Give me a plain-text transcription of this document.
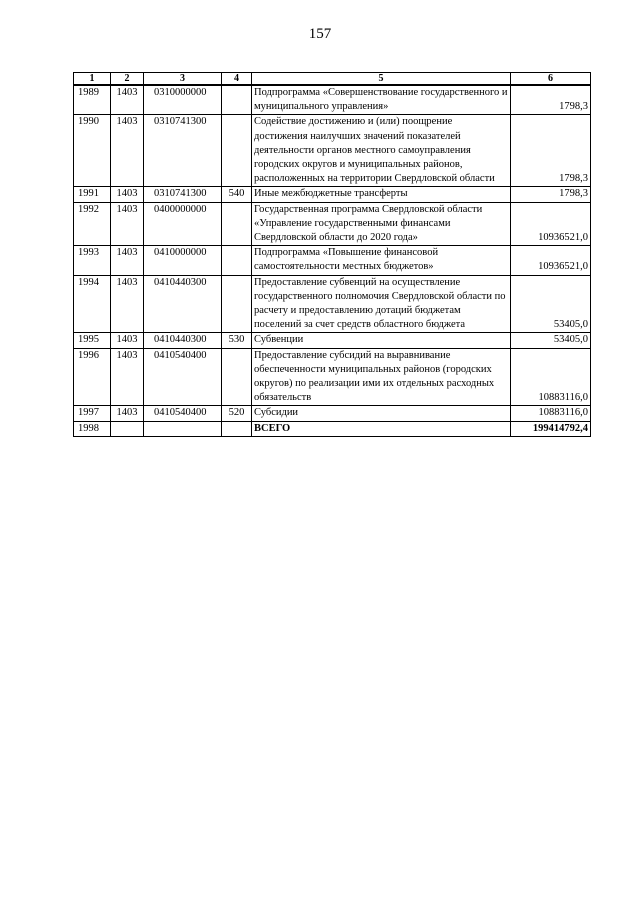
157
1	2	3	4	5	6
1989	1403	0310000000		Подпрограмма «Совершенствование государственного и муниципального управления»	1798,3
1990	1403	0310741300		Содействие достижению и (или) поощрение достижения наилучших значений показателей деятельности органов местного самоуправления городских округов и муниципальных районов, расположенных на территории Свердловской области	1798,3
1991	1403	0310741300	540	Иные межбюджетные трансферты	1798,3
1992	1403	0400000000		Государственная программа Свердловской области «Управление государственными финансами Свердловской области до 2020 года»	10936521,0
1993	1403	0410000000		Подпрограмма «Повышение финансовой самостоятельности местных бюджетов»	10936521,0
1994	1403	0410440300		Предоставление субвенций на осуществление государственного полномочия Свердловской области по расчету и предоставлению дотаций бюджетам поселений за счет средств областного бюджета	53405,0
1995	1403	0410440300	530	Субвенции	53405,0
1996	1403	0410540400		Предоставление субсидий на выравнивание обеспеченности муниципальных районов (городских округов) по реализации ими их отдельных расходных обязательств	10883116,0
1997	1403	0410540400	520	Субсидии	10883116,0
1998				ВСЕГО	199414792,4
